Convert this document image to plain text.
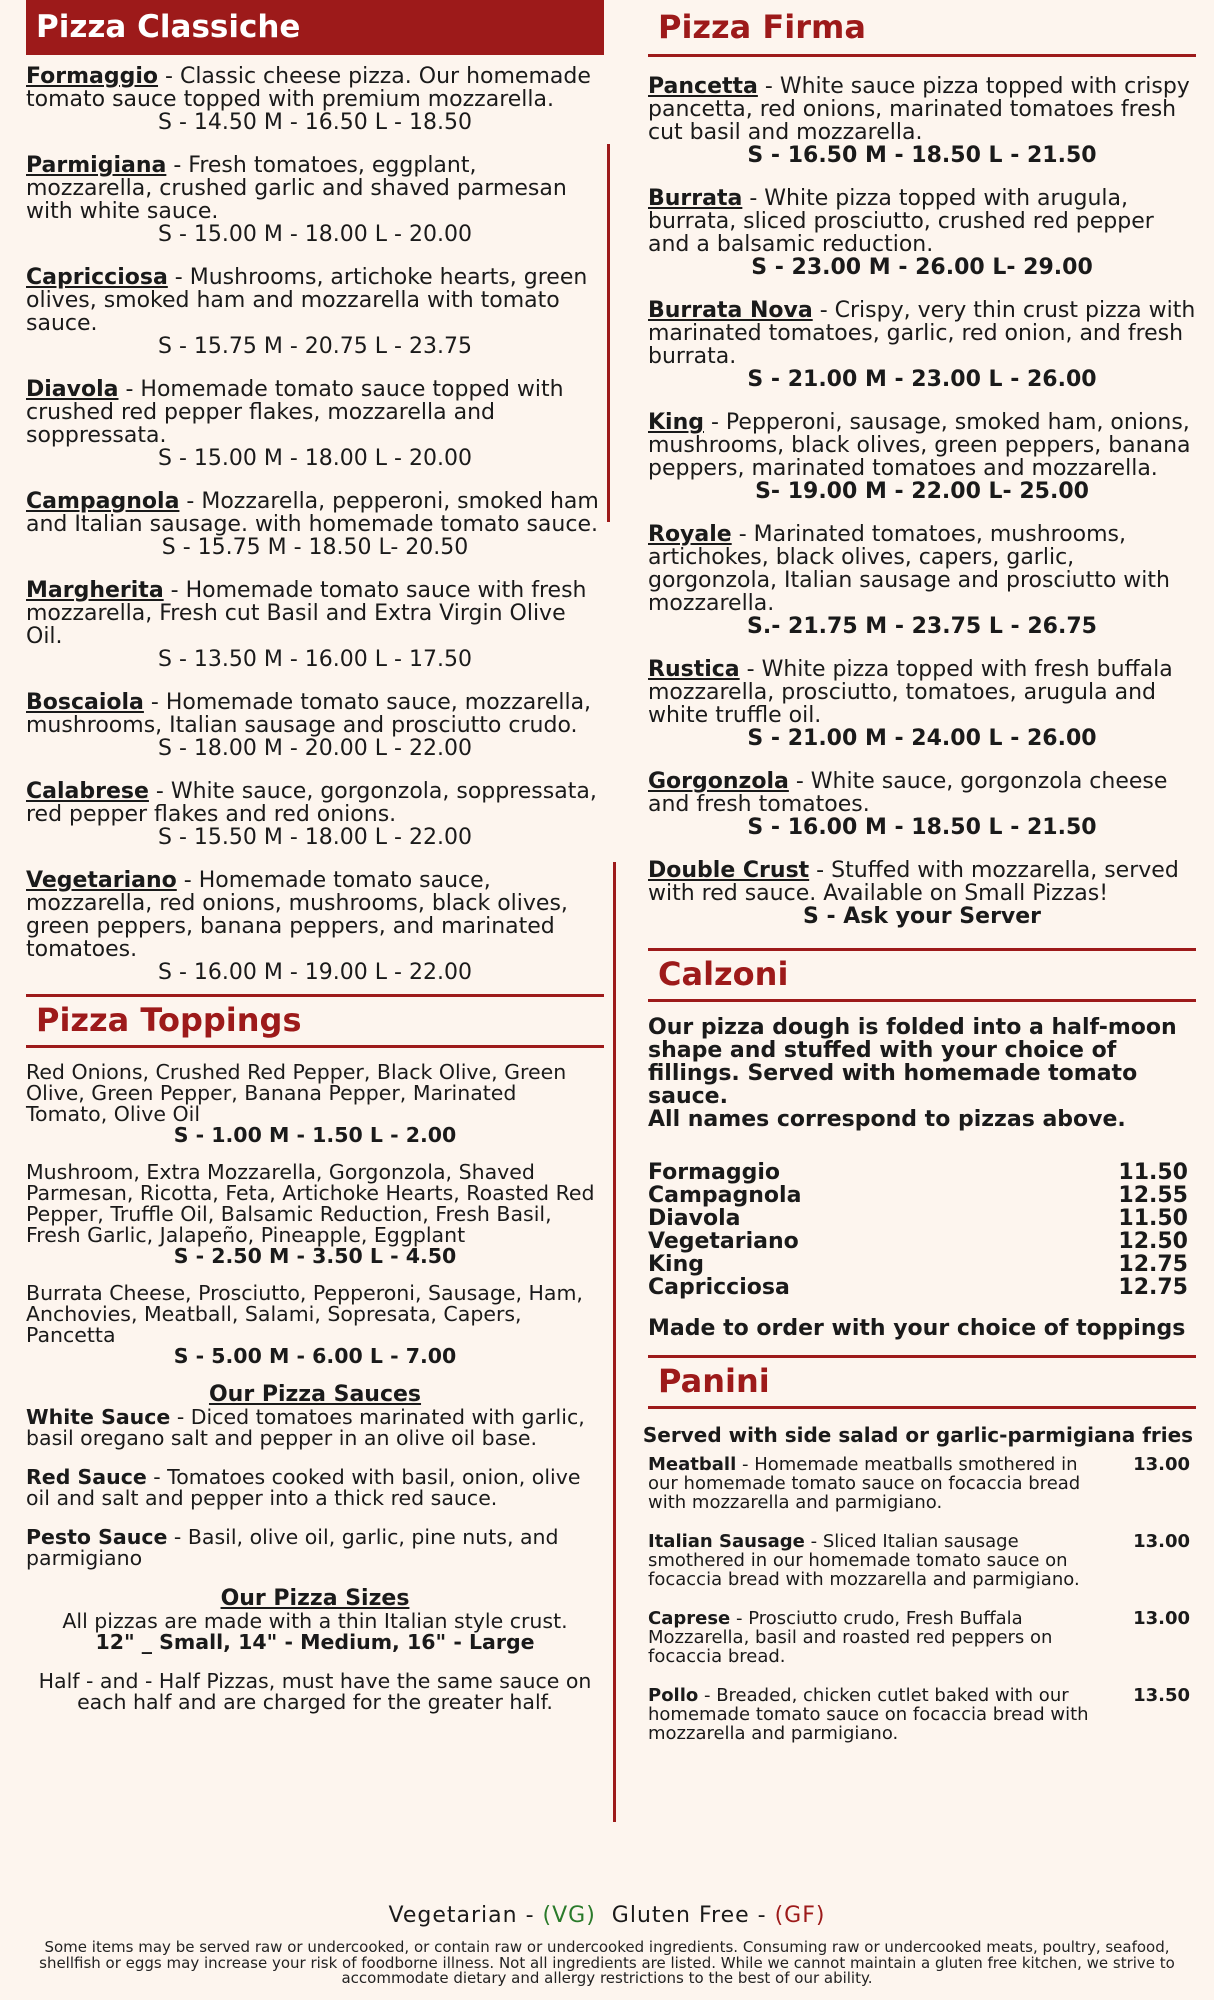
Pizza Classiche
Formaggio - Classic cheese pizza. Our homemade tomato sauce topped with premium mozzarella.
S - 14.50 M - 16.50 L - 18.50
Parmigiana - Fresh tomatoes, eggplant, mozzarella, crushed garlic and shaved parmesan with white sauce.
S - 15.00 M - 18.00 L - 20.00
Capricciosa - Mushrooms, artichoke hearts, green olives, smoked ham and mozzarella with tomato sauce.
S - 15.75 M - 20.75 L - 23.75
Diavola - Homemade tomato sauce topped with crushed red pepper flakes, mozzarella and soppressata.
S - 15.00 M - 18.00 L - 20.00
Campagnola - Mozzarella, pepperoni, smoked ham and Italian sausage. with homemade tomato sauce.
S - 15.75 M - 18.50 L- 20.50
Margherita - Homemade tomato sauce with fresh mozzarella, Fresh cut Basil and Extra Virgin Olive Oil.
S - 13.50 M - 16.00 L - 17.50
Boscaiola - Homemade tomato sauce, mozzarella, mushrooms, Italian sausage and prosciutto crudo.
S - 18.00 M - 20.00 L - 22.00
Calabrese - White sauce, gorgonzola, soppressata, red pepper flakes and red onions.
S - 15.50 M - 18.00 L - 22.00
Vegetariano - Homemade tomato sauce, mozzarella, red onions, mushrooms, black olives, green peppers, banana peppers, and marinated tomatoes.
S - 16.00 M - 19.00 L - 22.00
Pizza Toppings
Red Onions, Crushed Red Pepper, Black Olive, Green Olive, Green Pepper, Banana Pepper, Marinated Tomato, Olive Oil
S - 1.00 M - 1.50 L - 2.00
Mushroom, Extra Mozzarella, Gorgonzola, Shaved Parmesan, Ricotta, Feta, Artichoke Hearts, Roasted Red Pepper, Truffle Oil, Balsamic Reduction, Fresh Basil, Fresh Garlic, Jalapeño, Pineapple, Eggplant
S - 2.50 M - 3.50 L - 4.50
Burrata Cheese, Prosciutto, Pepperoni, Sausage, Ham, Anchovies, Meatball, Salami, Sopresata, Capers, Pancetta
S - 5.00 M - 6.00 L - 7.00
Our Pizza Sauces
White Sauce - Diced tomatoes marinated with garlic, basil oregano salt and pepper in an olive oil base.
Red Sauce - Tomatoes cooked with basil, onion, olive oil and salt and pepper into a thick red sauce.
Pesto Sauce - Basil, olive oil, garlic, pine nuts, and parmigiano
Our Pizza Sizes
All pizzas are made with a thin Italian style crust.
12" _ Small, 14" - Medium, 16" - Large
Half - and - Half Pizzas, must have the same sauce on each half and are charged for the greater half.
Pizza Firma
Pancetta - White sauce pizza topped with crispy pancetta, red onions, marinated tomatoes fresh cut basil and mozzarella.
S - 16.50 M - 18.50 L - 21.50
Burrata - White pizza topped with arugula, burrata, sliced prosciutto, crushed red pepper and a balsamic reduction.
S - 23.00 M - 26.00 L- 29.00
Burrata Nova - Crispy, very thin crust pizza with marinated tomatoes, garlic, red onion, and fresh burrata.
S - 21.00 M - 23.00 L - 26.00
King - Pepperoni, sausage, smoked ham, onions, mushrooms, black olives, green peppers, banana peppers, marinated tomatoes and mozzarella.
S- 19.00 M - 22.00 L- 25.00
Royale - Marinated tomatoes, mushrooms, artichokes, black olives, capers, garlic, gorgonzola, Italian sausage and prosciutto with mozzarella.
S.- 21.75 M - 23.75 L - 26.75
Rustica - White pizza topped with fresh buffala mozzarella, prosciutto, tomatoes, arugula and white truffle oil.
S - 21.00 M - 24.00 L - 26.00
Gorgonzola - White sauce, gorgonzola cheese and fresh tomatoes.
S - 16.00 M - 18.50 L - 21.50
Double Crust - Stuffed with mozzarella, served with red sauce. Available on Small Pizzas!
S - Ask your Server
Calzoni
Our pizza dough is folded into a half-moon shape and stuffed with your choice of fillings. Served with homemade tomato sauce.
All names correspond to pizzas above.
Formaggio	11.50
Campagnola	12.55
Diavola	11.50
Vegetariano	12.50
King	12.75
Capricciosa	12.75
Made to order with your choice of toppings
Panini
Served with side salad or garlic-parmigiana fries
Meatball - Homemade meatballs smothered in our homemade tomato sauce on focaccia bread with mozzarella and parmigiano.
13.00
Italian Sausage - Sliced Italian sausage smothered in our homemade tomato sauce on focaccia bread with mozzarella and parmigiano.
13.00
Caprese - Prosciutto crudo, Fresh Buffala Mozzarella, basil and roasted red peppers on focaccia bread.
13.00
Pollo - Breaded, chicken cutlet baked with our homemade tomato sauce on focaccia bread with mozzarella and parmigiano.
13.50
Vegetarian - (VG) Gluten Free - (GF)
Some items may be served raw or undercooked, or contain raw or undercooked ingredients. Consuming raw or undercooked meats, poultry, seafood, shellfish or eggs may increase your risk of foodborne illness. Not all ingredients are listed. While we cannot maintain a gluten free kitchen, we strive to accommodate dietary and allergy restrictions to the best of our ability.
